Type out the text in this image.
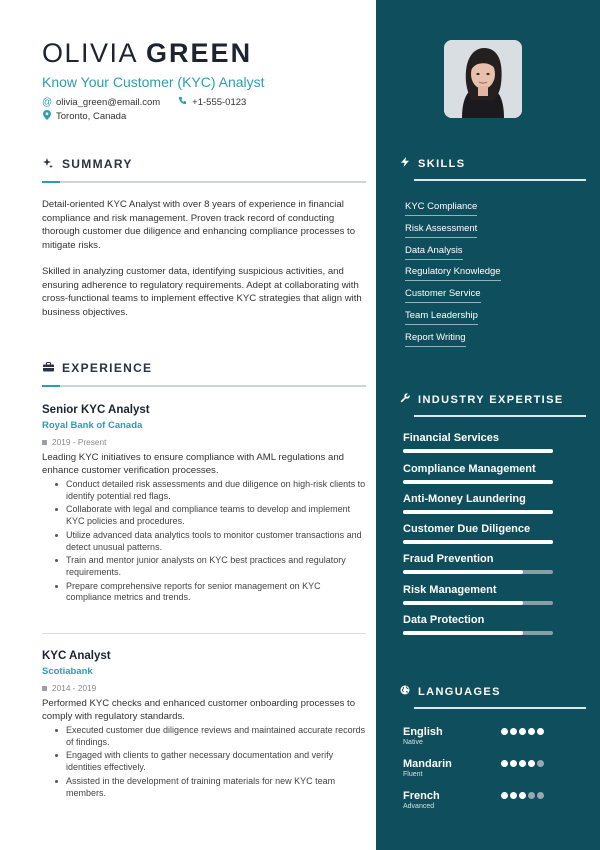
OLIVIA GREEN
Know Your Customer (KYC) Analyst
@ olivia_green@email.com	+1-555-0123
Toronto, Canada
SUMMARY

Detail-oriented KYC Analyst with over 8 years of experience in financial compliance and risk management. Proven track record of conducting thorough customer due diligence and enhancing compliance processes to mitigate risks.

Skilled in analyzing customer data, identifying suspicious activities, and ensuring adherence to regulatory requirements. Adept at collaborating with cross-functional teams to implement effective KYC strategies that align with business objectives.

EXPERIENCE
Senior KYC Analyst
Royal Bank of Canada
2019 - Present
Leading KYC initiatives to ensure compliance with AML regulations and enhance customer verification processes.
Conduct detailed risk assessments and due diligence on high-risk clients to identify potential red flags.
Collaborate with legal and compliance teams to develop and implement KYC policies and procedures.
Utilize advanced data analytics tools to monitor customer transactions and detect unusual patterns.
Train and mentor junior analysts on KYC best practices and regulatory requirements.
Prepare comprehensive reports for senior management on KYC compliance metrics and trends.
KYC Analyst
Scotiabank
2014 - 2019
Performed KYC checks and enhanced customer onboarding processes to comply with regulatory standards.
Executed customer due diligence reviews and maintained accurate records of findings.
Engaged with clients to gather necessary documentation and verify identities effectively.
Assisted in the development of training materials for new KYC team members.
SKILLS
KYC Compliance
Risk Assessment
Data Analysis
Regulatory Knowledge
Customer Service
Team Leadership
Report Writing
INDUSTRY EXPERTISE
Financial Services
Compliance Management
Anti-Money Laundering
Customer Due Diligence
Fraud Prevention
Risk Management
Data Protection
LANGUAGES
English
Native
Mandarin
Fluent
French
Advanced
